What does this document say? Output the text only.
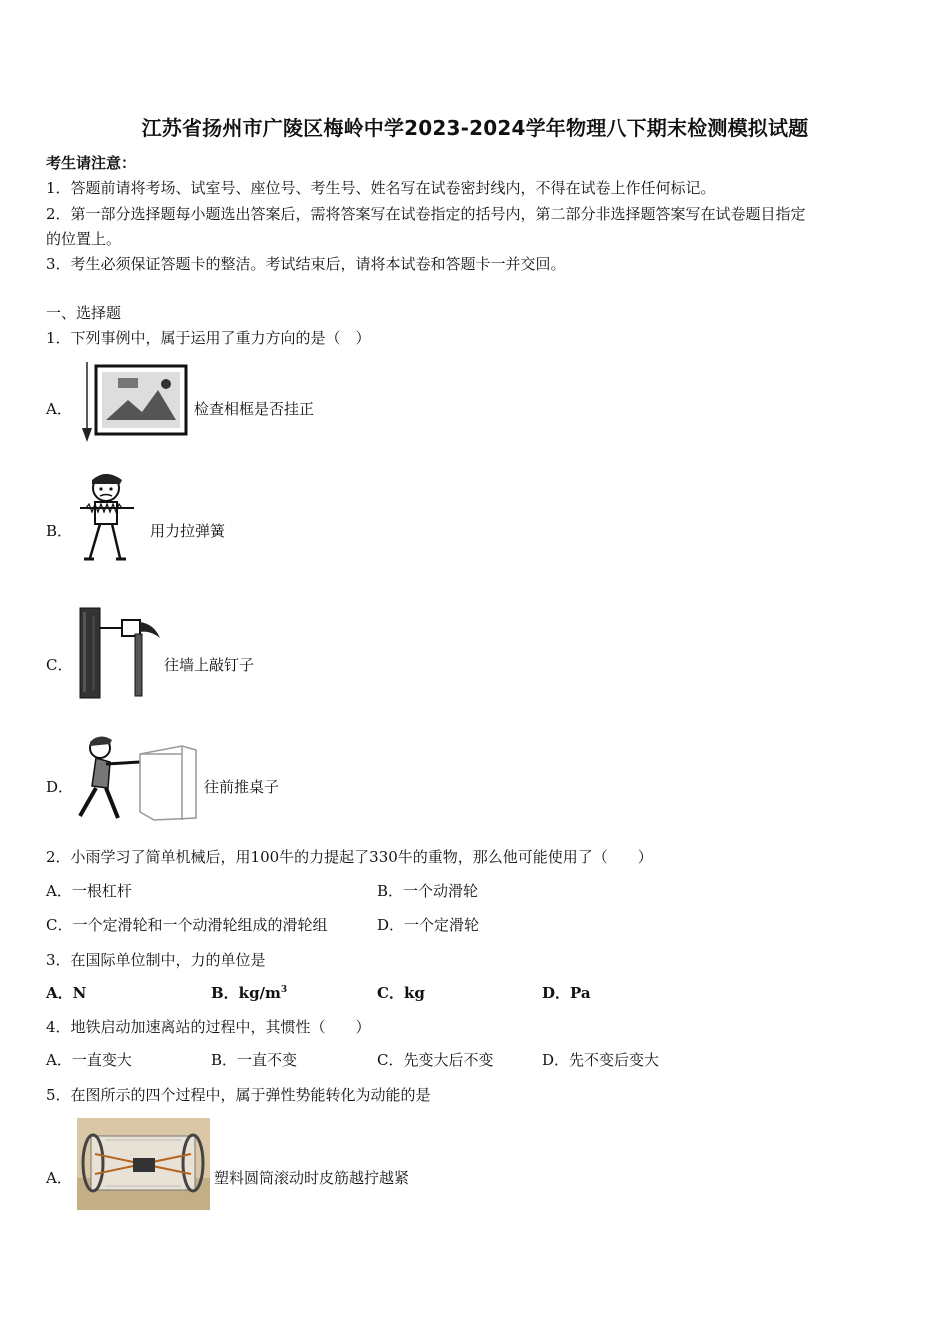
江苏省扬州市广陵区梅岭中学2023-2024学年物理八下期末检测模拟试题
考生请注意：
1．答题前请将考场、试室号、座位号、考生号、姓名写在试卷密封线内，不得在试卷上作任何标记。
2．第一部分选择题每小题选出答案后，需将答案写在试卷指定的括号内，第二部分非选择题答案写在试卷题目指定
的位置上。
3．考生必须保证答题卡的整洁。考试结束后，请将本试卷和答题卡一并交回。
一、选择题
1．下列事例中，属于运用了重力方向的是（　）
A．	检查相框是否挂正
B．	用力拉弹簧
C．	往墙上敲钉子
D．	往前推桌子
2．小雨学习了简单机械后，用100牛的力提起了330牛的重物，那么他可能使用了（　　）
A．一根杠杆	B．一个动滑轮
C．一个定滑轮和一个动滑轮组成的滑轮组	D．一个定滑轮
3．在国际单位制中，力的单位是
A．N	B．$kg/m^3$	C．kg	D．Pa
4．地铁启动加速离站的过程中，其惯性（　　）
A．一直变大	B．一直不变	C．先变大后不变	D．先不变后变大
5．在图所示的四个过程中，属于弹性势能转化为动能的是
A．	塑料圆筒滚动时皮筋越拧越紧
